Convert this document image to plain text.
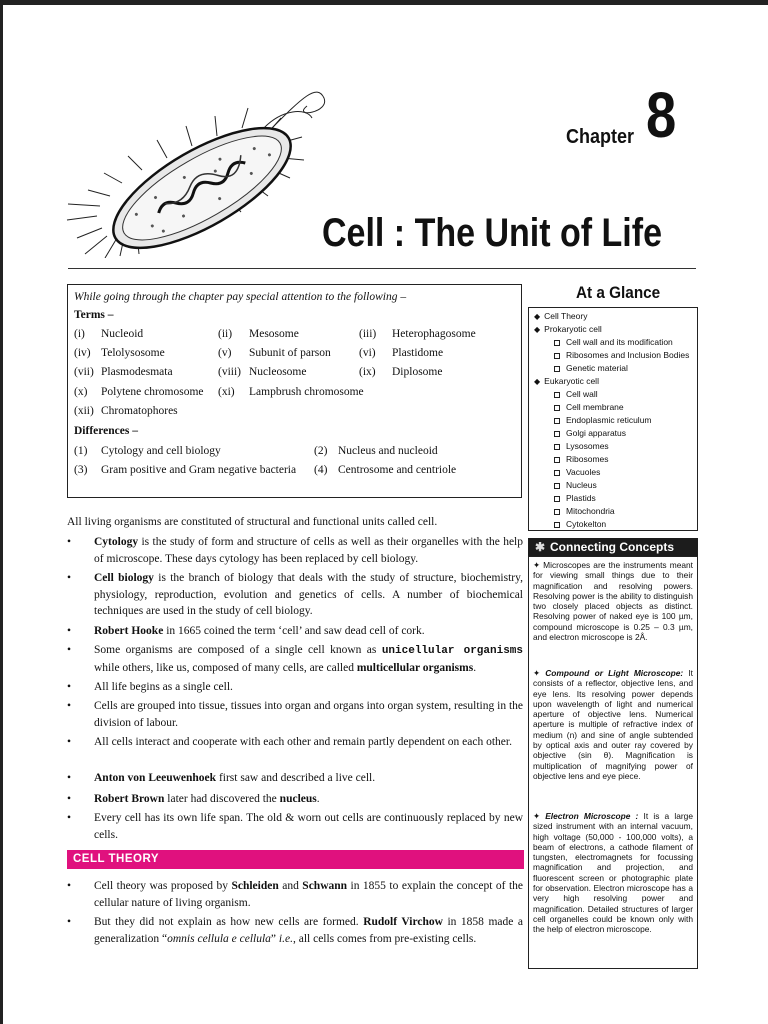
Chapter 8
Cell : The Unit of Life
While going through the chapter pay special attention to the following –
Terms –
(i) Nucleoid	(ii) Mesosome	(iii) Heterophagosome
(iv) Telolysosome	(v) Subunit of parson (vi) Plastidome
(vii) Plasmodesmata	(viii) Nucleosome	(ix) Diplosome
(x) Polytene chromosome (xi) Lampbrush chromosome
(xii) Chromatophores
Differences –
(1) Cytology and cell biology	(2) Nucleus and nucleoid
(3) Gram positive and Gram negative bacteria (4) Centrosome and centriole
At a Glance
◆ Cell Theory
◆ Prokaryotic cell
Cell wall and its modification
Ribosomes and Inclusion Bodies
Genetic material
◆ Eukaryotic cell
Cell wall
Cell membrane
Endoplasmic reticulum
Golgi apparatus
Lysosomes
Ribosomes
Vacuoles
Nucleus
Plastids
Mitochondria
Cytokelton
✱ Connecting Concepts

✦ Microscopes are the instruments meant for viewing small things due to their magnification and resolving powers. Resolving power is the ability to distinguish two closely placed objects as distinct. Resolving power of naked eye is 100 µm, compound microscope is 0.25 – 0.3 µm, and electron microscope is 2Å.

✦ Compound or Light Microscope: It consists of a reflector, objective lens, and eye lens. Its resolving power depends upon wavelength of light and numerical aperture of objective lens. Numerical aperture is multiple of refractive index of medium (n) and sine of angle subtended by optical axis and outer ray covered by objective (sin θ). Magnification is multiplication of magnifying power of objective lens and eye piece.

✦ Electron Microscope : It is a large sized instrument with an internal vacuum, high voltage (50,000 - 100,000 volts), a beam of electrons, a cathode filament of tungsten, electromagnets for focussing magnification and projection, and fluorescent screen or photographic plate for observation. Electron microscope has a very high resolving power and magnification. Detailed structures of larger cell organelles could be known only with the help of electron microscope.

All living organisms are constituted of structural and functional units called cell.
• Cytology is the study of form and structure of cells as well as their organelles with the help of microscope. These days cytology has been replaced by cell biology.
• Cell biology is the branch of biology that deals with the study of structure, biochemistry, physiology, reproduction, evolution and genetics of cells. A number of biochemical techniques are used in the study of cell biology.
• Robert Hooke in 1665 coined the term ‘cell’ and saw dead cell of cork.
• Some organisms are composed of a single cell known as unicellular organisms while others, like us, composed of many cells, are called multicellular organisms.
• All life begins as a single cell.
• Cells are grouped into tissue, tissues into organ and organs into organ system, resulting in the division of labour.
• All cells interact and cooperate with each other and remain partly dependent on each other.
• Anton von Leeuwenhoek first saw and described a live cell.
• Robert Brown later had discovered the nucleus.
• Every cell has its own life span. The old & worn out cells are continuously replaced by new cells.
CELL THEORY
• Cell theory was proposed by Schleiden and Schwann in 1855 to explain the concept of the cellular nature of living organism.
• But they did not explain as how new cells are formed. Rudolf Virchow in 1858 made a generalization “omnis cellula e cellula” i.e., all cells comes from pre-existing cells.
